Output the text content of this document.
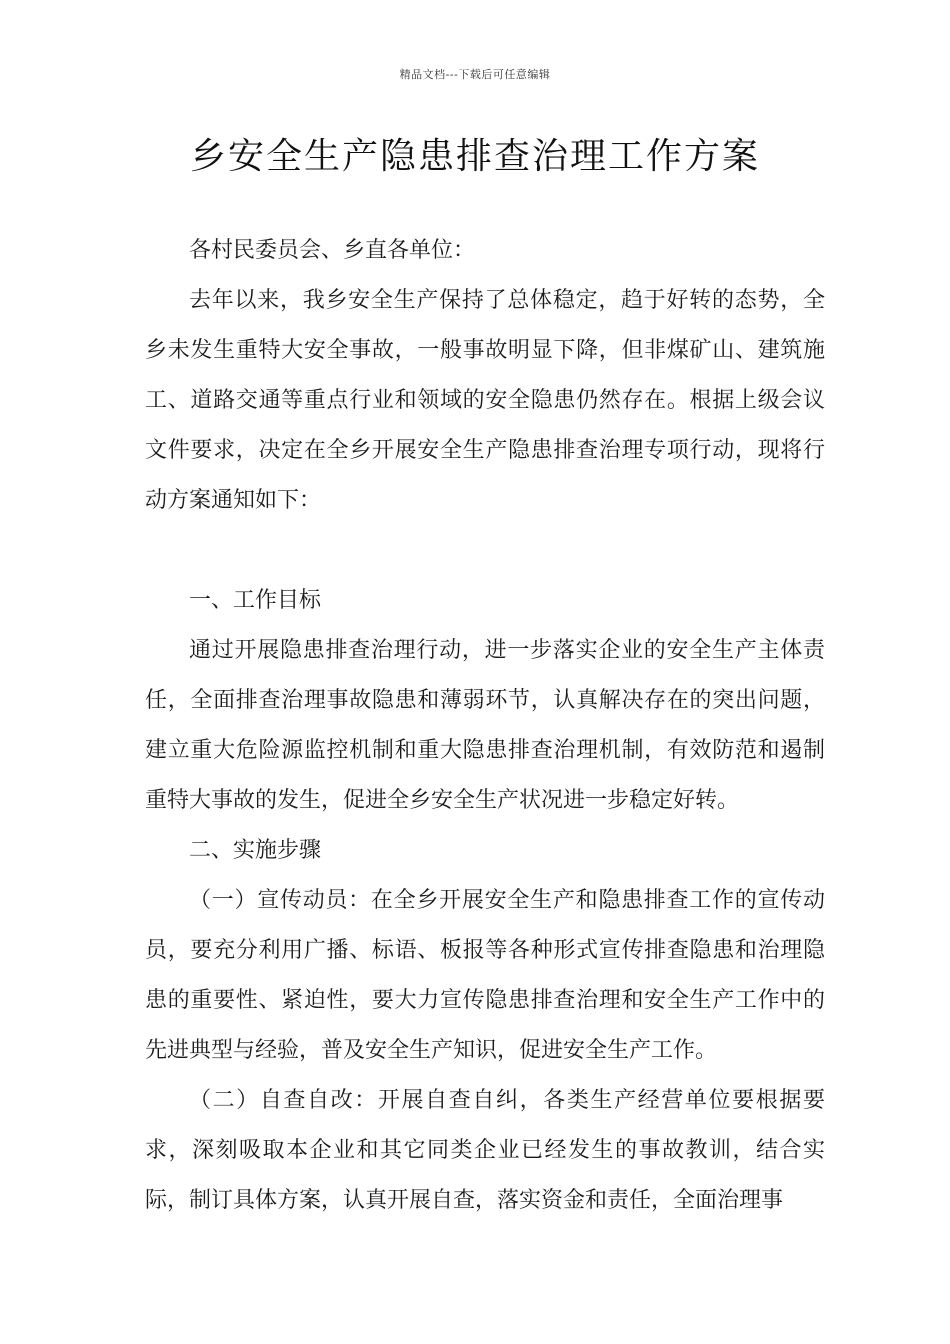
精品文档---下载后可任意编辑
乡安全生产隐患排查治理工作方案

各村民委员会、乡直各单位：

去年以来，我乡安全生产保持了总体稳定，趋于好转的态势，全乡未发生重特大安全事故，一般事故明显下降，但非煤矿山、建筑施工、道路交通等重点行业和领域的安全隐患仍然存在。根据上级会议文件要求，决定在全乡开展安全生产隐患排查治理专项行动，现将行动方案通知如下：

一、工作目标

通过开展隐患排查治理行动，进一步落实企业的安全生产主体责任，全面排查治理事故隐患和薄弱环节，认真解决存在的突出问题，建立重大危险源监控机制和重大隐患排查治理机制，有效防范和遏制重特大事故的发生，促进全乡安全生产状况进一步稳定好转。

二、实施步骤

（一）宣传动员：在全乡开展安全生产和隐患排查工作的宣传动员，要充分利用广播、标语、板报等各种形式宣传排查隐患和治理隐患的重要性、紧迫性，要大力宣传隐患排查治理和安全生产工作中的先进典型与经验，普及安全生产知识，促进安全生产工作。

（二）自查自改：开展自查自纠，各类生产经营单位要根据要求，深刻吸取本企业和其它同类企业已经发生的事故教训，结合实际，制订具体方案，认真开展自查，落实资金和责任，全面治理事
